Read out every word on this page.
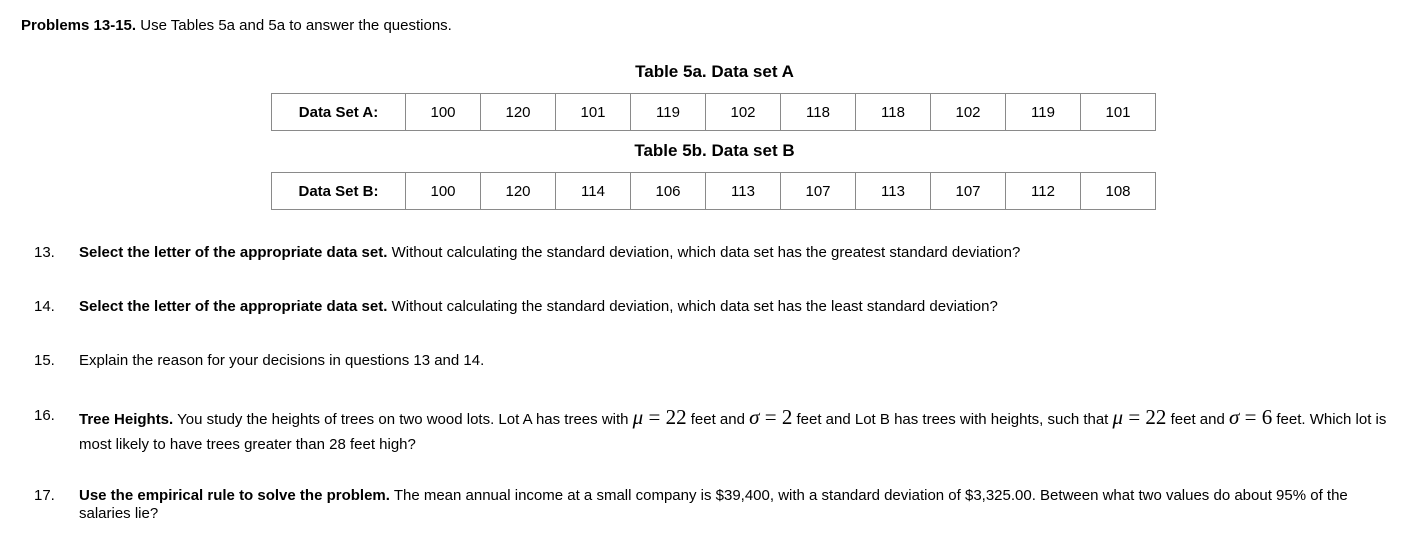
Problems 13-15. Use Tables 5a and 5a to answer the questions.
Table 5a. Data set A
Data Set A:	100	120	101	119	102	118	118	102	119	101
Table 5b. Data set B
Data Set B:	100	120	114	106	113	107	113	107	112	108
13. Select the letter of the appropriate data set. Without calculating the standard deviation, which data set has the greatest standard deviation?
14. Select the letter of the appropriate data set. Without calculating the standard deviation, which data set has the least standard deviation?
15. Explain the reason for your decisions in questions 13 and 14.
16. Tree Heights. You study the heights of trees on two wood lots. Lot A has trees with μ = 22 feet and σ = 2 feet and Lot B has trees with heights, such that μ = 22 feet and σ = 6 feet. Which lot is most likely to have trees greater than 28 feet high?
17. Use the empirical rule to solve the problem. The mean annual income at a small company is $39,400, with a standard deviation of $3,325.00. Between what two values do about 95% of the salaries lie?
